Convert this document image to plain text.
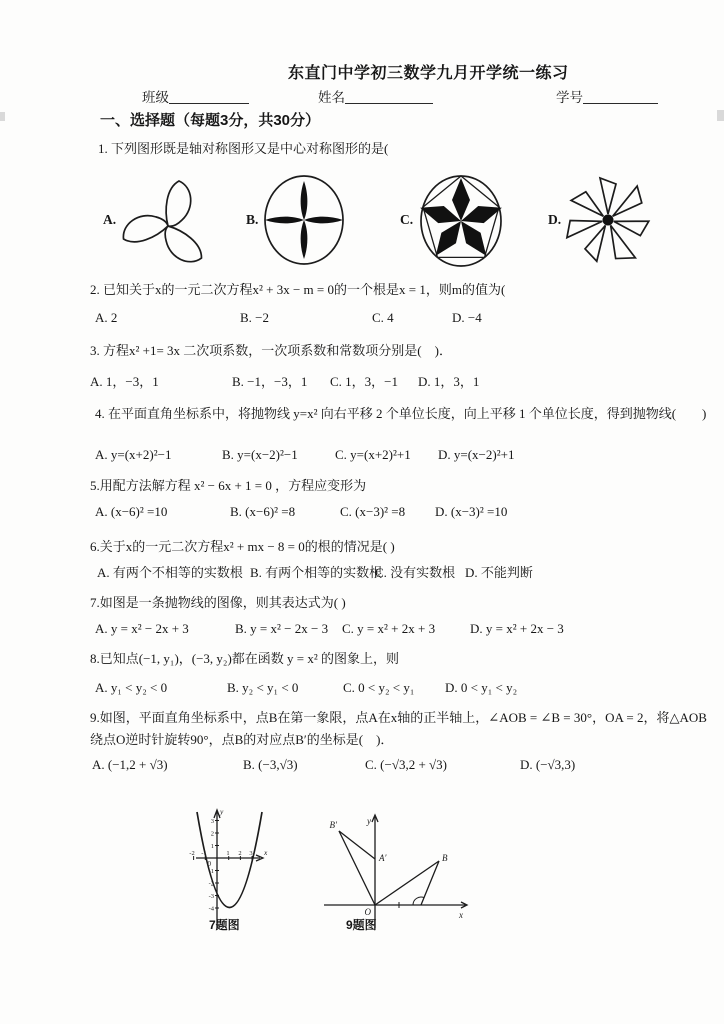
东直门中学初三数学九月开学统一练习
班级	姓名	学号
一、选择题（每题3分，共30分）
1. 下列图形既是轴对称图形又是中心对称图形的是(
A.	B.	C.	D.
2. 已知关于x的一元二次方程x² + 3x − m = 0的一个根是x = 1，则m的值为(
A. 2	B. −2	C. 4	D. −4
3. 方程x² +1= 3x 二次项系数，一次项系数和常数项分别是(　)．
A. 1，−3，1	B. −1，−3，1 C. 1，3，−1 D. 1，3，1
4. 在平面直角坐标系中，将抛物线 y=x² 向右平移 2 个单位长度，向上平移 1 个单位长度，得到抛物线(　　)
A. y=(x+2)²−1	B. y=(x−2)²−1	C. y=(x+2)²+1 D. y=(x−2)²+1
5.用配方法解方程 x² − 6x + 1 = 0 ，方程应变形为
A. (x−6)² =10	B. (x−6)² =8	C. (x−3)² =8 D. (x−3)² =10
6.关于x的一元二次方程x² + mx − 8 = 0的根的情况是( )
A. 有两个不相等的实数根 B. 有两个相等的实数根
C. 没有实数根 D. 不能判断
7.如图是一条抛物线的图像，则其表达式为( )
A. y = x² − 2x + 3	B. y = x² − 2x − 3 C. y = x² + 2x + 3	D. y = x² + 2x − 3
8.已知点(−1, y₁)，(−3, y₂)都在函数 y = x² 的图象上，则
A. y₁ < y₂ < 0	B. y₂ < y₁ < 0	C. 0 < y₂ < y₁ D. 0 < y₁ < y₂
9.如图，平面直角坐标系中，点B在第一象限，点A在x轴的正半轴上，∠AOB = ∠B = 30°，OA = 2，将△AOB
绕点O逆时针旋转90°，点B的对应点B′的坐标是(　)．
A. (−1,2 + √3)	B. (−3,√3)	C. (−√3,2 + √3)	D. (−√3,3)
-2 -1	1 2 3
3
2
1
-1
-2
-3
-4
0
x
y
7题图
O	x
y
B
B′
A′
9题图
